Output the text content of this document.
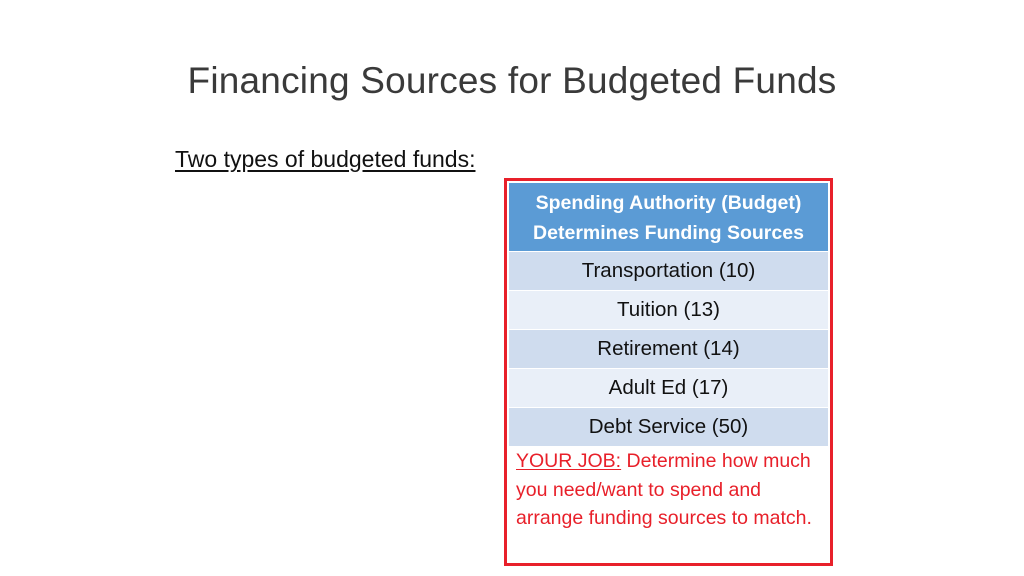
Financing Sources for Budgeted Funds
Two types of budgeted funds:
Spending Authority (Budget)
Determines Funding Sources
Transportation (10)
Tuition (13)
Retirement (14)
Adult Ed (17)
Debt Service (50)
YOUR JOB: Determine how much you need/want to spend and arrange funding sources to match.
